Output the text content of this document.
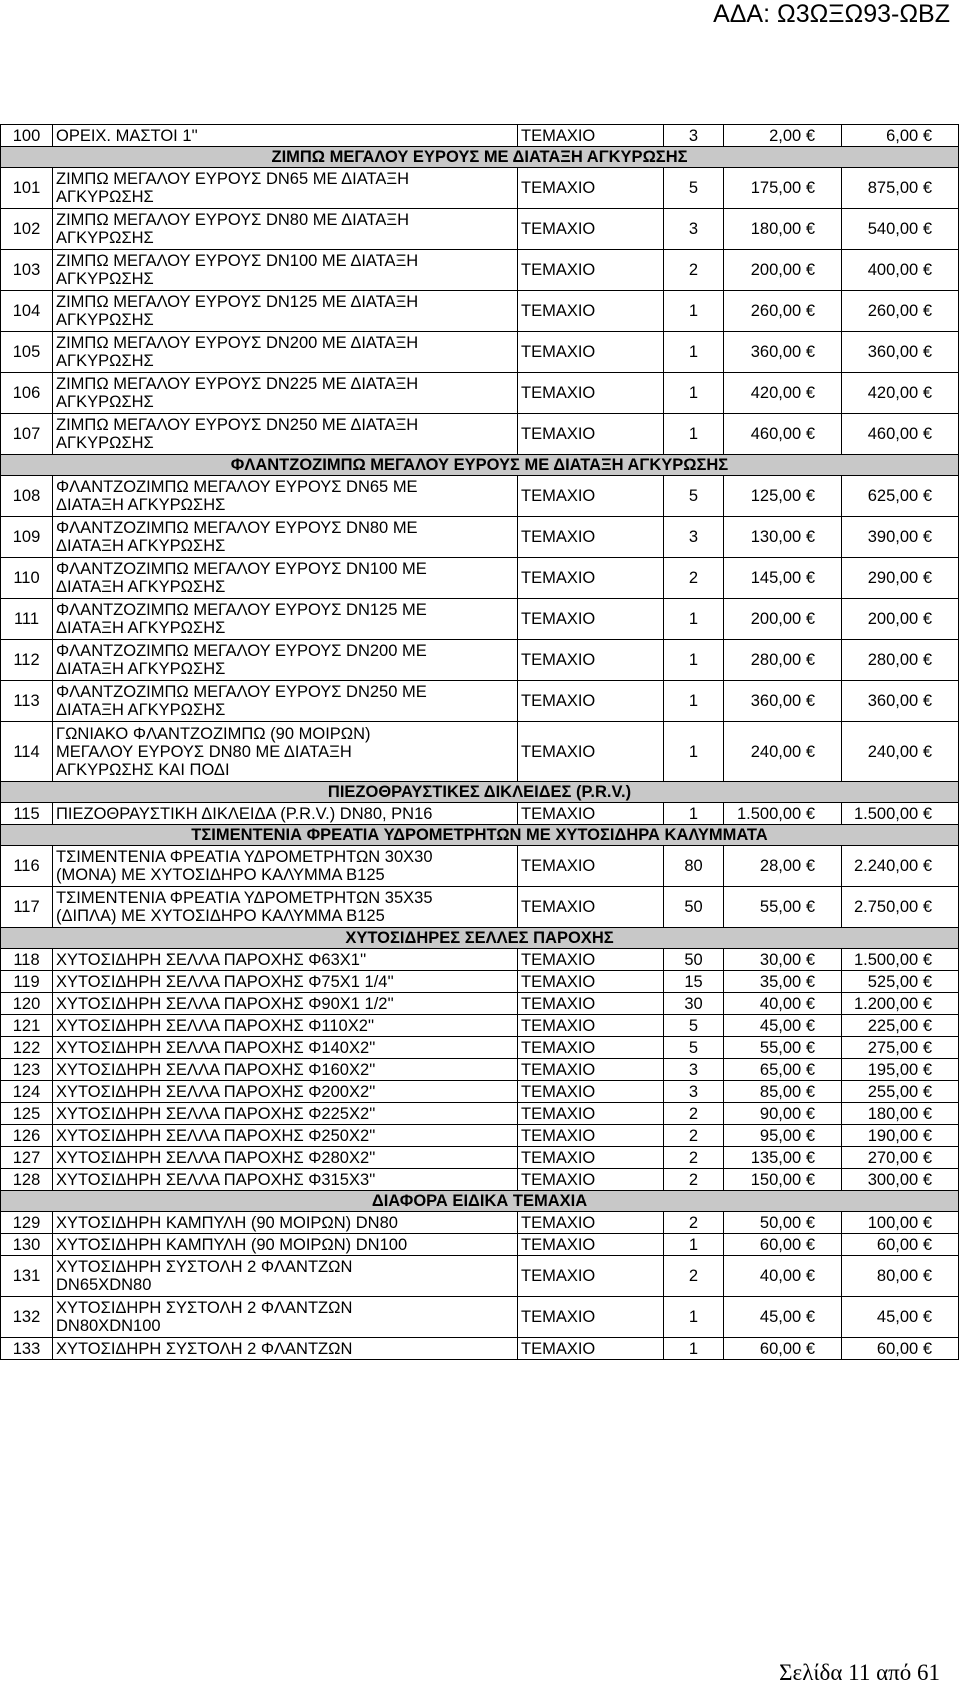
ΑΔΑ: Ω3ΩΞΩ93-ΩΒΖ
100	ΟΡΕΙΧ. ΜΑΣΤΟΙ 1''	ΤΕΜΑΧΙΟ	3	2,00 €	6,00 €
ΖΙΜΠΩ ΜΕΓΑΛΟΥ ΕΥΡΟΥΣ ΜΕ ΔΙΑΤΑΞΗ ΑΓΚΥΡΩΣΗΣ					
101	ΖΙΜΠΩ ΜΕΓΑΛΟΥ ΕΥΡΟΥΣ DN65 ΜΕ ΔΙΑΤΑΞΗ
ΑΓΚΥΡΩΣΗΣ	ΤΕΜΑΧΙΟ	5	175,00 €	875,00 €
102	ΖΙΜΠΩ ΜΕΓΑΛΟΥ ΕΥΡΟΥΣ DN80 ΜΕ ΔΙΑΤΑΞΗ
ΑΓΚΥΡΩΣΗΣ	ΤΕΜΑΧΙΟ	3	180,00 €	540,00 €
103	ΖΙΜΠΩ ΜΕΓΑΛΟΥ ΕΥΡΟΥΣ DN100 ΜΕ ΔΙΑΤΑΞΗ
ΑΓΚΥΡΩΣΗΣ	ΤΕΜΑΧΙΟ	2	200,00 €	400,00 €
104	ΖΙΜΠΩ ΜΕΓΑΛΟΥ ΕΥΡΟΥΣ DN125 ΜΕ ΔΙΑΤΑΞΗ
ΑΓΚΥΡΩΣΗΣ	ΤΕΜΑΧΙΟ	1	260,00 €	260,00 €
105	ΖΙΜΠΩ ΜΕΓΑΛΟΥ ΕΥΡΟΥΣ DN200 ΜΕ ΔΙΑΤΑΞΗ
ΑΓΚΥΡΩΣΗΣ	ΤΕΜΑΧΙΟ	1	360,00 €	360,00 €
106	ΖΙΜΠΩ ΜΕΓΑΛΟΥ ΕΥΡΟΥΣ DN225 ΜΕ ΔΙΑΤΑΞΗ
ΑΓΚΥΡΩΣΗΣ	ΤΕΜΑΧΙΟ	1	420,00 €	420,00 €
107	ΖΙΜΠΩ ΜΕΓΑΛΟΥ ΕΥΡΟΥΣ DN250 ΜΕ ΔΙΑΤΑΞΗ
ΑΓΚΥΡΩΣΗΣ	ΤΕΜΑΧΙΟ	1	460,00 €	460,00 €
ΦΛΑΝΤΖΟΖΙΜΠΩ ΜΕΓΑΛΟΥ ΕΥΡΟΥΣ ΜΕ ΔΙΑΤΑΞΗ ΑΓΚΥΡΩΣΗΣ					
108	ΦΛΑΝΤΖΟΖΙΜΠΩ ΜΕΓΑΛΟΥ ΕΥΡΟΥΣ DN65 ΜΕ
ΔΙΑΤΑΞΗ ΑΓΚΥΡΩΣΗΣ	ΤΕΜΑΧΙΟ	5	125,00 €	625,00 €
109	ΦΛΑΝΤΖΟΖΙΜΠΩ ΜΕΓΑΛΟΥ ΕΥΡΟΥΣ DN80 ΜΕ
ΔΙΑΤΑΞΗ ΑΓΚΥΡΩΣΗΣ	ΤΕΜΑΧΙΟ	3	130,00 €	390,00 €
110	ΦΛΑΝΤΖΟΖΙΜΠΩ ΜΕΓΑΛΟΥ ΕΥΡΟΥΣ DN100 ΜΕ
ΔΙΑΤΑΞΗ ΑΓΚΥΡΩΣΗΣ	ΤΕΜΑΧΙΟ	2	145,00 €	290,00 €
111	ΦΛΑΝΤΖΟΖΙΜΠΩ ΜΕΓΑΛΟΥ ΕΥΡΟΥΣ DN125 ΜΕ
ΔΙΑΤΑΞΗ ΑΓΚΥΡΩΣΗΣ	ΤΕΜΑΧΙΟ	1	200,00 €	200,00 €
112	ΦΛΑΝΤΖΟΖΙΜΠΩ ΜΕΓΑΛΟΥ ΕΥΡΟΥΣ DN200 ΜΕ
ΔΙΑΤΑΞΗ ΑΓΚΥΡΩΣΗΣ	ΤΕΜΑΧΙΟ	1	280,00 €	280,00 €
113	ΦΛΑΝΤΖΟΖΙΜΠΩ ΜΕΓΑΛΟΥ ΕΥΡΟΥΣ DN250 ΜΕ
ΔΙΑΤΑΞΗ ΑΓΚΥΡΩΣΗΣ	ΤΕΜΑΧΙΟ	1	360,00 €	360,00 €
114	ΓΩΝΙΑΚΟ ΦΛΑΝΤΖΟΖΙΜΠΩ (90 ΜΟΙΡΩΝ)
ΜΕΓΑΛΟΥ ΕΥΡΟΥΣ DN80 ΜΕ ΔΙΑΤΑΞΗ
ΑΓΚΥΡΩΣΗΣ ΚΑΙ ΠΟΔΙ	ΤΕΜΑΧΙΟ	1	240,00 €	240,00 €
ΠΙΕΖΟΘΡΑΥΣΤΙΚΕΣ ΔΙΚΛΕΙΔΕΣ (P.R.V.)					
115	ΠΙΕΖΟΘΡΑΥΣΤΙΚΗ ΔΙΚΛΕΙΔΑ (P.R.V.) DN80, PN16	ΤΕΜΑΧΙΟ	1	1.500,00 €	1.500,00 €
ΤΣΙΜΕΝΤΕΝΙΑ ΦΡΕΑΤΙΑ ΥΔΡΟΜΕΤΡΗΤΩΝ ΜΕ ΧΥΤΟΣΙΔΗΡΑ ΚΑΛΥΜΜΑΤΑ					
116	ΤΣΙΜΕΝΤΕΝΙΑ ΦΡΕΑΤΙΑ ΥΔΡΟΜΕΤΡΗΤΩΝ 30Χ30
(ΜΟΝΑ) ΜΕ ΧΥΤΟΣΙΔΗΡΟ ΚΑΛΥΜΜΑ Β125	ΤΕΜΑΧΙΟ	80	28,00 €	2.240,00 €
117	ΤΣΙΜΕΝΤΕΝΙΑ ΦΡΕΑΤΙΑ ΥΔΡΟΜΕΤΡΗΤΩΝ 35Χ35
(ΔΙΠΛΑ) ΜΕ ΧΥΤΟΣΙΔΗΡΟ ΚΑΛΥΜΜΑ Β125	ΤΕΜΑΧΙΟ	50	55,00 €	2.750,00 €
ΧΥΤΟΣΙΔΗΡΕΣ ΣΕΛΛΕΣ ΠΑΡΟΧΗΣ					
118	ΧΥΤΟΣΙΔΗΡΗ ΣΕΛΛΑ ΠΑΡΟΧΗΣ Φ63Χ1''	ΤΕΜΑΧΙΟ	50	30,00 €	1.500,00 €
119	ΧΥΤΟΣΙΔΗΡΗ ΣΕΛΛΑ ΠΑΡΟΧΗΣ Φ75Χ1 1/4''	ΤΕΜΑΧΙΟ	15	35,00 €	525,00 €
120	ΧΥΤΟΣΙΔΗΡΗ ΣΕΛΛΑ ΠΑΡΟΧΗΣ Φ90Χ1 1/2''	ΤΕΜΑΧΙΟ	30	40,00 €	1.200,00 €
121	ΧΥΤΟΣΙΔΗΡΗ ΣΕΛΛΑ ΠΑΡΟΧΗΣ Φ110Χ2''	ΤΕΜΑΧΙΟ	5	45,00 €	225,00 €
122	ΧΥΤΟΣΙΔΗΡΗ ΣΕΛΛΑ ΠΑΡΟΧΗΣ Φ140Χ2''	ΤΕΜΑΧΙΟ	5	55,00 €	275,00 €
123	ΧΥΤΟΣΙΔΗΡΗ ΣΕΛΛΑ ΠΑΡΟΧΗΣ Φ160Χ2''	ΤΕΜΑΧΙΟ	3	65,00 €	195,00 €
124	ΧΥΤΟΣΙΔΗΡΗ ΣΕΛΛΑ ΠΑΡΟΧΗΣ Φ200Χ2''	ΤΕΜΑΧΙΟ	3	85,00 €	255,00 €
125	ΧΥΤΟΣΙΔΗΡΗ ΣΕΛΛΑ ΠΑΡΟΧΗΣ Φ225Χ2''	ΤΕΜΑΧΙΟ	2	90,00 €	180,00 €
126	ΧΥΤΟΣΙΔΗΡΗ ΣΕΛΛΑ ΠΑΡΟΧΗΣ Φ250Χ2''	ΤΕΜΑΧΙΟ	2	95,00 €	190,00 €
127	ΧΥΤΟΣΙΔΗΡΗ ΣΕΛΛΑ ΠΑΡΟΧΗΣ Φ280Χ2''	ΤΕΜΑΧΙΟ	2	135,00 €	270,00 €
128	ΧΥΤΟΣΙΔΗΡΗ ΣΕΛΛΑ ΠΑΡΟΧΗΣ Φ315Χ3''	ΤΕΜΑΧΙΟ	2	150,00 €	300,00 €
ΔΙΑΦΟΡΑ ΕΙΔΙΚΑ ΤΕΜΑΧΙΑ					
129	ΧΥΤΟΣΙΔΗΡΗ ΚΑΜΠΥΛΗ (90 ΜΟΙΡΩΝ) DN80	ΤΕΜΑΧΙΟ	2	50,00 €	100,00 €
130	ΧΥΤΟΣΙΔΗΡΗ ΚΑΜΠΥΛΗ (90 ΜΟΙΡΩΝ) DN100	ΤΕΜΑΧΙΟ	1	60,00 €	60,00 €
131	ΧΥΤΟΣΙΔΗΡΗ ΣΥΣΤΟΛΗ 2 ΦΛΑΝΤΖΩΝ
DN65XDN80	ΤΕΜΑΧΙΟ	2	40,00 €	80,00 €
132	ΧΥΤΟΣΙΔΗΡΗ ΣΥΣΤΟΛΗ 2 ΦΛΑΝΤΖΩΝ
DN80XDN100	ΤΕΜΑΧΙΟ	1	45,00 €	45,00 €
133	ΧΥΤΟΣΙΔΗΡΗ ΣΥΣΤΟΛΗ 2 ΦΛΑΝΤΖΩΝ	ΤΕΜΑΧΙΟ	1	60,00 €	60,00 €
Σελίδα 11 από 61
